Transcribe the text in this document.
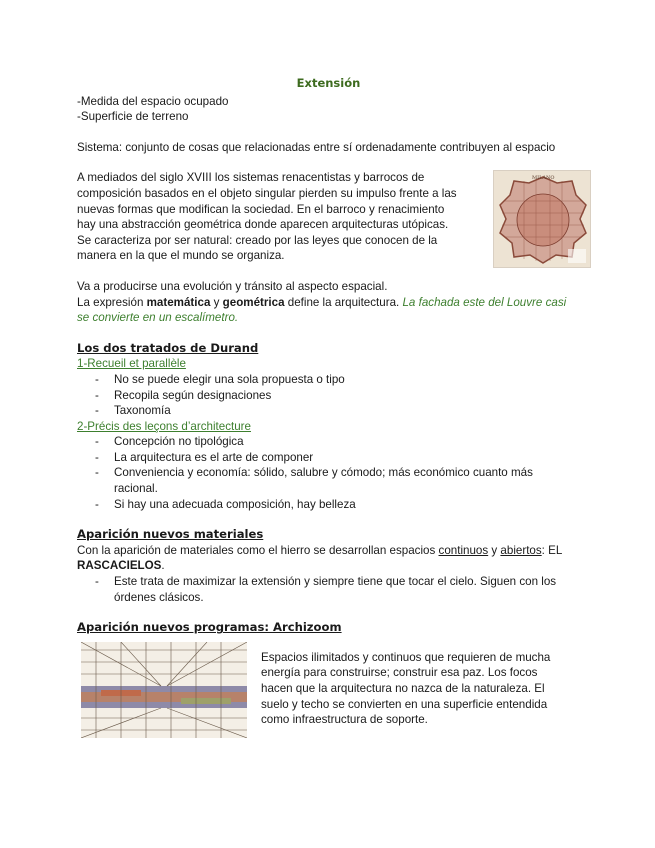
Extensión

-Medida del espacio ocupado

-Superficie de terreno

Sistema: conjunto de cosas que relacionadas entre sí ordenadamente contribuyen al espacio

A mediados del siglo XVIII los sistemas renacentistas y barrocos de

composición basados en el objeto singular pierden su impulso frente a las

nuevas formas que modifican la sociedad. En el barroco y renacimiento

hay una abstracción geométrica donde aparecen arquitecturas utópicas.

Se caracteriza por ser natural: creado por las leyes que conocen de la

manera en la que el mundo se organiza.

MILANO

Va a producirse una evolución y tránsito al aspecto espacial.

La expresión matemática y geométrica define la arquitectura. La fachada este del Louvre casi se convierte en un escalímetro.

Los dos tratados de Durand

1-Recueil et parallèle

- No se puede elegir una sola propuesta o tipo
- Recopila según designaciones
- Taxonomía

2-Précis des leçons d’architecture

- Concepción no tipológica
- La arquitectura es el arte de componer
- Conveniencia y economía: sólido, salubre y cómodo; más económico cuanto más racional.
- Si hay una adecuada composición, hay belleza

Aparición nuevos materiales

Con la aparición de materiales como el hierro se desarrollan espacios continuos y abiertos: EL RASCACIELOS.

- Este trata de maximizar la extensión y siempre tiene que tocar el cielo. Siguen con los órdenes clásicos.

Aparición nuevos programas: Archizoom

Espacios ilimitados y continuos que requieren de mucha

energía para construirse; construir esa paz. Los focos

hacen que la arquitectura no nazca de la naturaleza. El

suelo y techo se convierten en una superficie entendida

como infraestructura de soporte.
